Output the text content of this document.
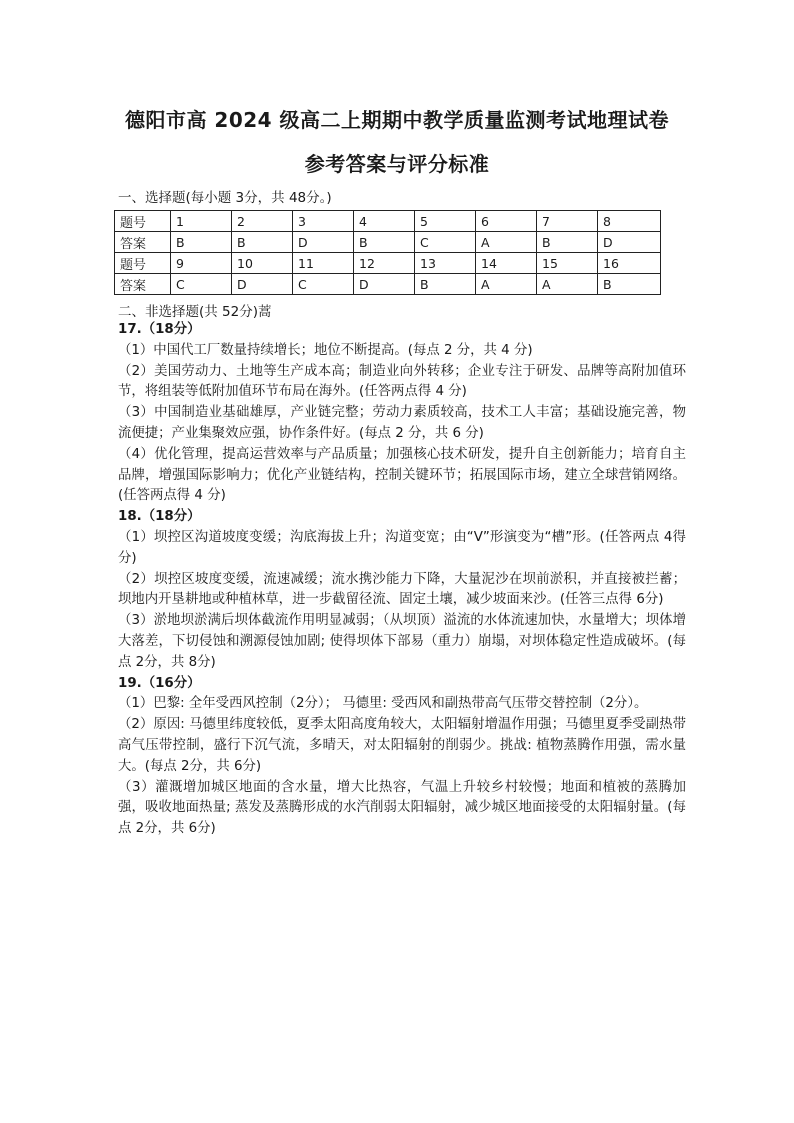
德阳市高 2024 级高二上期期中教学质量监测考试地理试卷
参考答案与评分标准
一、选择题(每小题 3分，共 48分。)
题号	1	2	3	4	5	6	7	8
答案	B	B	D	B	C	A	B	D
题号	9	10	11	12	13	14	15	16
答案	C	D	C	D	B	A	A	B
二、非选择题(共 52分)蒿

17.（18分）

（1）中国代工厂数量持续增长；地位不断提高。(每点 2 分，共 4 分)

（2）美国劳动力、土地等生产成本高；制造业向外转移；企业专注于研发、品牌等高附加值环节，将组装等低附加值环节布局在海外。(任答两点得 4 分)

（3）中国制造业基础雄厚，产业链完整；劳动力素质较高，技术工人丰富；基础设施完善，物流便捷；产业集聚效应强，协作条件好。(每点 2 分，共 6 分)

（4）优化管理，提高运营效率与产品质量；加强核心技术研发，提升自主创新能力；培育自主品牌，增强国际影响力；优化产业链结构，控制关键环节；拓展国际市场，建立全球营销网络。(任答两点得 4 分)

18.（18分）

（1）坝控区沟道坡度变缓；沟底海拔上升；沟道变宽；由“V”形演变为“槽”形。(任答两点 4得分)

（2）坝控区坡度变缓，流速减缓；流水携沙能力下降，大量泥沙在坝前淤积，并直接被拦蓄；坝地内开垦耕地或种植林草，进一步截留径流、固定土壤，减少坡面来沙。(任答三点得 6分)

（3）淤地坝淤满后坝体截流作用明显减弱；（从坝顶）溢流的水体流速加快，水量增大；坝体增大落差，下切侵蚀和溯源侵蚀加剧; 使得坝体下部易（重力）崩塌，对坝体稳定性造成破坏。(每点 2分，共 8分)

19.（16分）

（1）巴黎: 全年受西风控制（2分）； 马德里: 受西风和副热带高气压带交替控制（2分）。

（2）原因: 马德里纬度较低，夏季太阳高度角较大，太阳辐射增温作用强；马德里夏季受副热带高气压带控制，盛行下沉气流，多晴天，对太阳辐射的削弱少。挑战: 植物蒸腾作用强，需水量大。(每点 2分，共 6分)

（3）灌溉增加城区地面的含水量，增大比热容，气温上升较乡村较慢；地面和植被的蒸腾加强，吸收地面热量; 蒸发及蒸腾形成的水汽削弱太阳辐射，减少城区地面接受的太阳辐射量。(每点 2分，共 6分)
